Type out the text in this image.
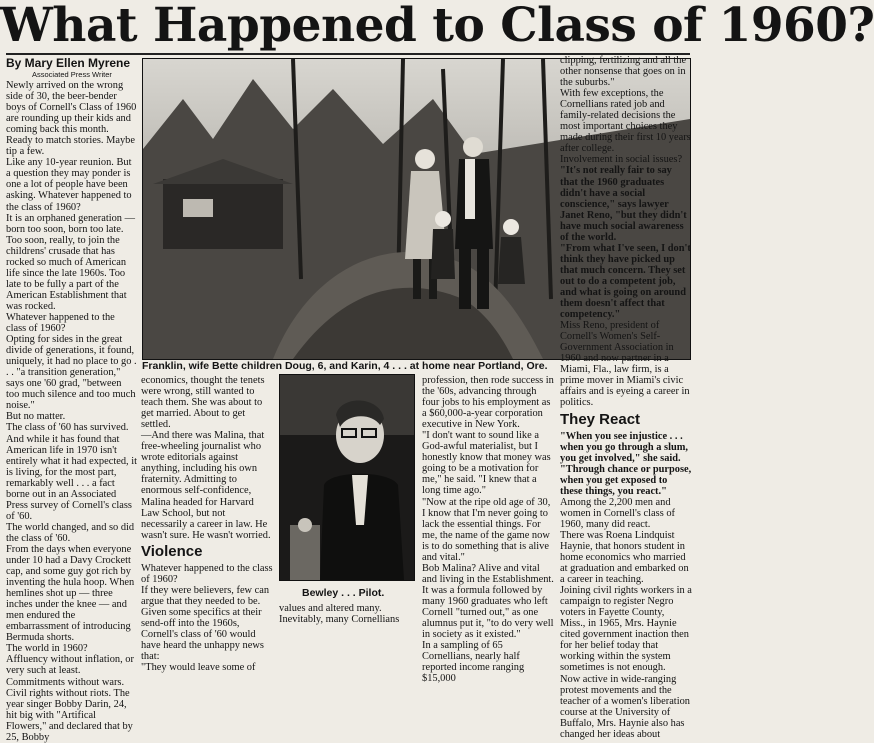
What Happened to Class of 1960?
By Mary Ellen Myrene
Associated Press Writer

Newly arrived on the wrong side of 30, the beer-bender boys of Cornell's Class of 1960 are rounding up their kids and coming back this month.

Ready to match stories. Maybe tip a few.

Like any 10-year reunion. But a question they may ponder is one a lot of people have been asking. Whatever happened to the class of 1960?

It is an orphaned generation — born too soon, born too late.

Too soon, really, to join the childrens' crusade that has rocked so much of American life since the late 1960s. Too late to be fully a part of the American Establishment that was rocked.

Whatever happened to the class of 1960?

Opting for sides in the great divide of generations, it found, uniquely, it had no place to go . . . "a transition generation," says one '60 grad, "between too much silence and too much noise."

But no matter.

The class of '60 has survived. And while it has found that American life in 1970 isn't entirely what it had expected, it is living, for the most part, remarkably well . . . a fact borne out in an Associated Press survey of Cornell's class of '60.

The world changed, and so did the class of '60.

From the days when everyone under 10 had a Davy Crockett cap, and some guy got rich by inventing the hula hoop. When hemlines shot up — three inches under the knee — and men endured the embarrassment of introducing Bermuda shorts.

The world in 1960?

Affluency without inflation, or very such at least. Commitments without wars. Civil rights without riots. The year singer Bobby Darin, 24, hit big with "Artifical Flowers," and declared that by 25, Bobby

Franklin, wife Bette children Doug, 6, and Karin, 4 . . . at home near Portland, Ore.

economics, thought the tenets were wrong, still wanted to teach them. She was about to get married. About to get settled.

—And there was Malina, that free-wheeling journalist who wrote editorials against anything, including his own fraternity. Admitting to enormous self-confidence, Malina headed for Harvard Law School, but not necessarily a career in law. He wasn't sure. He wasn't worried.

Violence

Whatever happened to the class of 1960?

If they were believers, few can argue that they needed to be.

Given some specifics at their send-off into the 1960s, Cornell's class of '60 would have heard the unhappy news that:

"They would leave some of

Bewley . . . Pilot.

values and altered many.

Inevitably, many Cornellians

profession, then rode success in the '60s, advancing through four jobs to his employment as a $60,000-a-year corporation executive in New York.

"I don't want to sound like a God-awful materialist, but I honestly know that money was going to be a motivation for me," he said. "I knew that a long time ago."

"Now at the ripe old age of 30, I know that I'm never going to lack the essential things. For me, the name of the game now is to do something that is alive and vital."

Bob Malina? Alive and vital and living in the Establishment.

It was a formula followed by many 1960 graduates who left Cornell "turned out," as one alumnus put it, "to do very well in society as it existed."

In a sampling of 65 Cornellians, nearly half reported income ranging $15,000

clipping, fertilizing and all the other nonsense that goes on in the suburbs."

With few exceptions, the Cornellians rated job and family-related decisions the most important choices they made during their first 10 years after college.

Involvement in social issues?

"It's not really fair to say that the 1960 graduates didn't have a social conscience," says lawyer Janet Reno, "but they didn't have much social awareness of the world.

"From what I've seen, I don't think they have picked up that much concern. They set out to do a competent job, and what is going on around them doesn't affect that competency."

Miss Reno, president of Cornell's Women's Self-Government Association in 1960 and now partner in a Miami, Fla., law firm, is a prime mover in Miami's civic affairs and is eyeing a career in politics.

They React

"When you see injustice . . . when you go through a slum, you get involved," she said. "Through chance or purpose, when you get exposed to these things, you react."

Among the 2,200 men and women in Cornell's class of 1960, many did react.

There was Roena Lindquist Haynie, that honors student in home economics who married at graduation and embarked on a career in teaching.

Joining civil rights workers in a campaign to register Negro voters in Fayette County, Miss., in 1965, Mrs. Haynie cited government inaction then for her belief today that working within the system sometimes is not enough.

Now active in wide-ranging protest movements and the teacher of a women's liberation course at the University of Buffalo, Mrs. Haynie also has changed her ideas about
